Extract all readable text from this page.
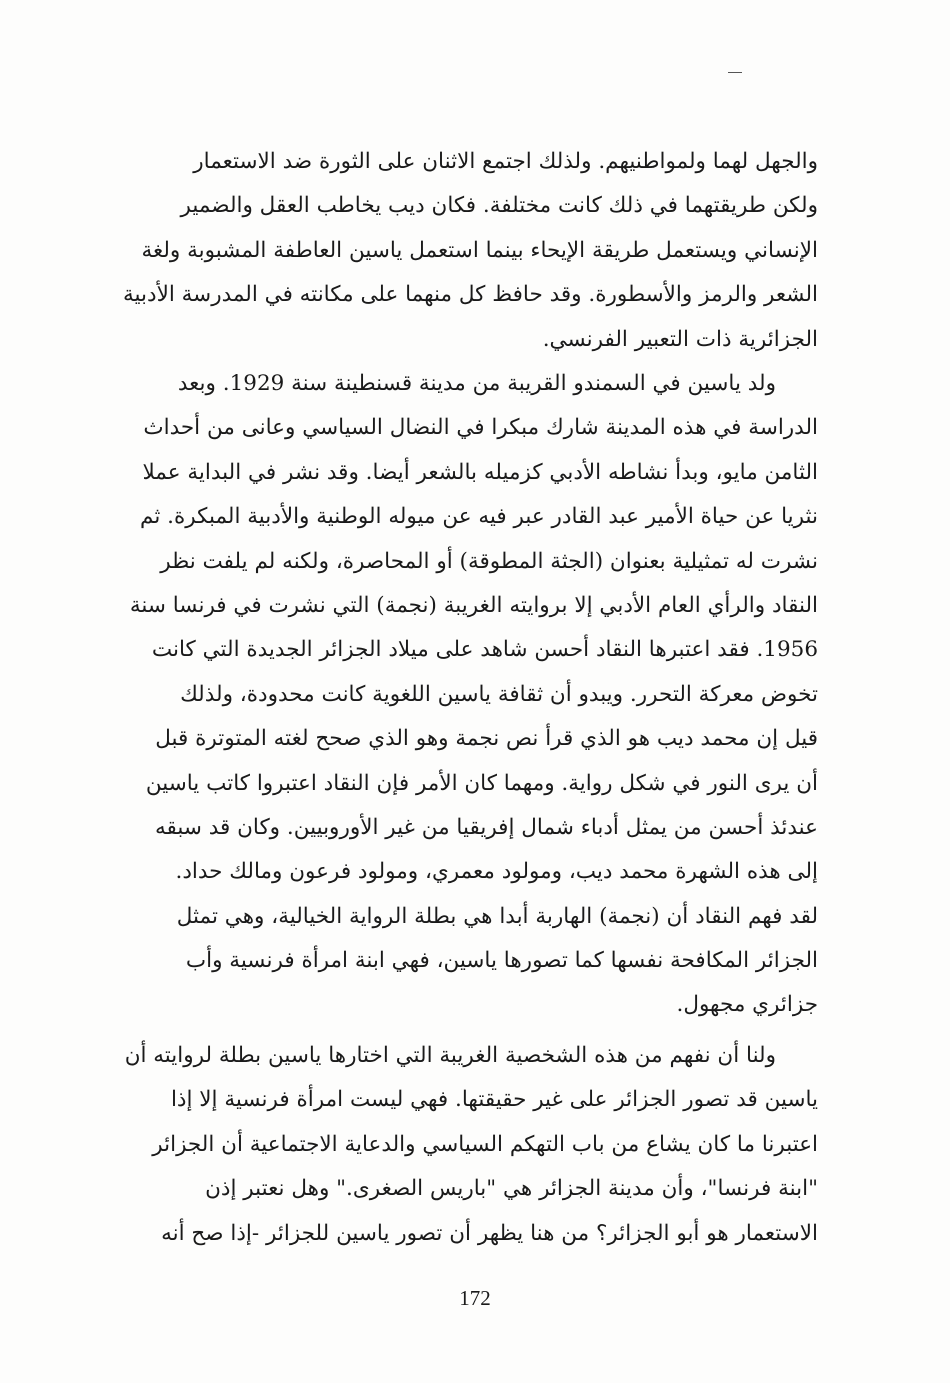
والجهل لهما ولمواطنيهم. ولذلك اجتمع الاثنان على الثورة ضد الاستعمار
ولكن طريقتهما في ذلك كانت مختلفة. فكان ديب يخاطب العقل والضمير
الإنساني ويستعمل طريقة الإيحاء بينما استعمل ياسين العاطفة المشبوبة ولغة
الشعر والرمز والأسطورة. وقد حافظ كل منهما على مكانته في المدرسة الأدبية
الجزائرية ذات التعبير الفرنسي.
ولد ياسين في السمندو القريبة من مدينة قسنطينة سنة 1929. وبعد
الدراسة في هذه المدينة شارك مبكرا في النضال السياسي وعانى من أحداث
الثامن مايو، وبدأ نشاطه الأدبي كزميله بالشعر أيضا. وقد نشر في البداية عملا
نثريا عن حياة الأمير عبد القادر عبر فيه عن ميوله الوطنية والأدبية المبكرة. ثم
نشرت له تمثيلية بعنوان (الجثة المطوقة) أو المحاصرة، ولكنه لم يلفت نظر
النقاد والرأي العام الأدبي إلا بروايته الغريبة (نجمة) التي نشرت في فرنسا سنة
1956. فقد اعتبرها النقاد أحسن شاهد على ميلاد الجزائر الجديدة التي كانت
تخوض معركة التحرر. ويبدو أن ثقافة ياسين اللغوية كانت محدودة، ولذلك
قيل إن محمد ديب هو الذي قرأ نص نجمة وهو الذي صحح لغته المتوترة قبل
أن يرى النور في شكل رواية. ومهما كان الأمر فإن النقاد اعتبروا كاتب ياسين
عندئذ أحسن من يمثل أدباء شمال إفريقيا من غير الأوروبيين. وكان قد سبقه
إلى هذه الشهرة محمد ديب، ومولود معمري، ومولود فرعون ومالك حداد.
لقد فهم النقاد أن (نجمة) الهاربة أبدا هي بطلة الرواية الخيالية، وهي تمثل
الجزائر المكافحة نفسها كما تصورها ياسين، فهي ابنة امرأة فرنسية وأب
جزائري مجهول.
ولنا أن نفهم من هذه الشخصية الغريبة التي اختارها ياسين بطلة لروايته أن
ياسين قد تصور الجزائر على غير حقيقتها. فهي ليست امرأة فرنسية إلا إذا
اعتبرنا ما كان يشاع من باب التهكم السياسي والدعاية الاجتماعية أن الجزائر
"ابنة فرنسا"، وأن مدينة الجزائر هي "باريس الصغرى." وهل نعتبر إذن
الاستعمار هو أبو الجزائر؟ من هنا يظهر أن تصور ياسين للجزائر -إذا صح أنه
172
